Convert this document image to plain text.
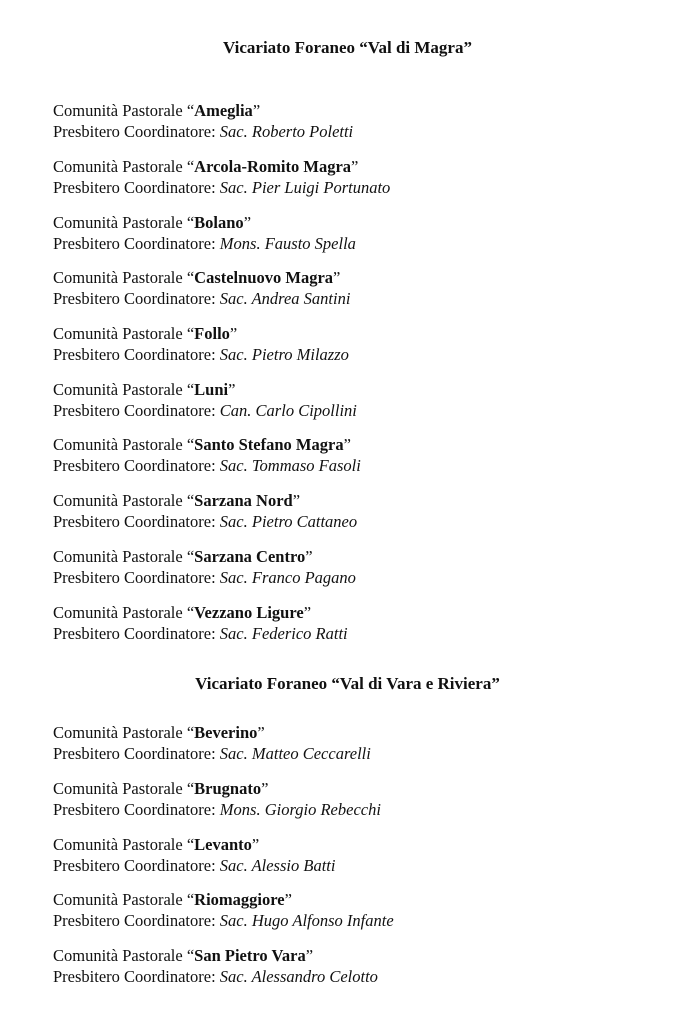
Vicariato Foraneo “Val di Magra”
Comunità Pastorale “Ameglia”
Presbitero Coordinatore: Sac. Roberto Poletti
Comunità Pastorale “Arcola-Romito Magra”
Presbitero Coordinatore: Sac. Pier Luigi Portunato
Comunità Pastorale “Bolano”
Presbitero Coordinatore: Mons. Fausto Spella
Comunità Pastorale “Castelnuovo Magra”
Presbitero Coordinatore: Sac. Andrea Santini
Comunità Pastorale “Follo”
Presbitero Coordinatore: Sac. Pietro Milazzo
Comunità Pastorale “Luni”
Presbitero Coordinatore: Can. Carlo Cipollini
Comunità Pastorale “Santo Stefano Magra”
Presbitero Coordinatore: Sac. Tommaso Fasoli
Comunità Pastorale “Sarzana Nord”
Presbitero Coordinatore: Sac. Pietro Cattaneo
Comunità Pastorale “Sarzana Centro”
Presbitero Coordinatore: Sac. Franco Pagano
Comunità Pastorale “Vezzano Ligure”
Presbitero Coordinatore: Sac. Federico Ratti
Vicariato Foraneo “Val di Vara e Riviera”
Comunità Pastorale “Beverino”
Presbitero Coordinatore: Sac. Matteo Ceccarelli
Comunità Pastorale “Brugnato”
Presbitero Coordinatore: Mons. Giorgio Rebecchi
Comunità Pastorale “Levanto”
Presbitero Coordinatore: Sac. Alessio Batti
Comunità Pastorale “Riomaggiore”
Presbitero Coordinatore: Sac. Hugo Alfonso Infante
Comunità Pastorale “San Pietro Vara”
Presbitero Coordinatore: Sac. Alessandro Celotto
